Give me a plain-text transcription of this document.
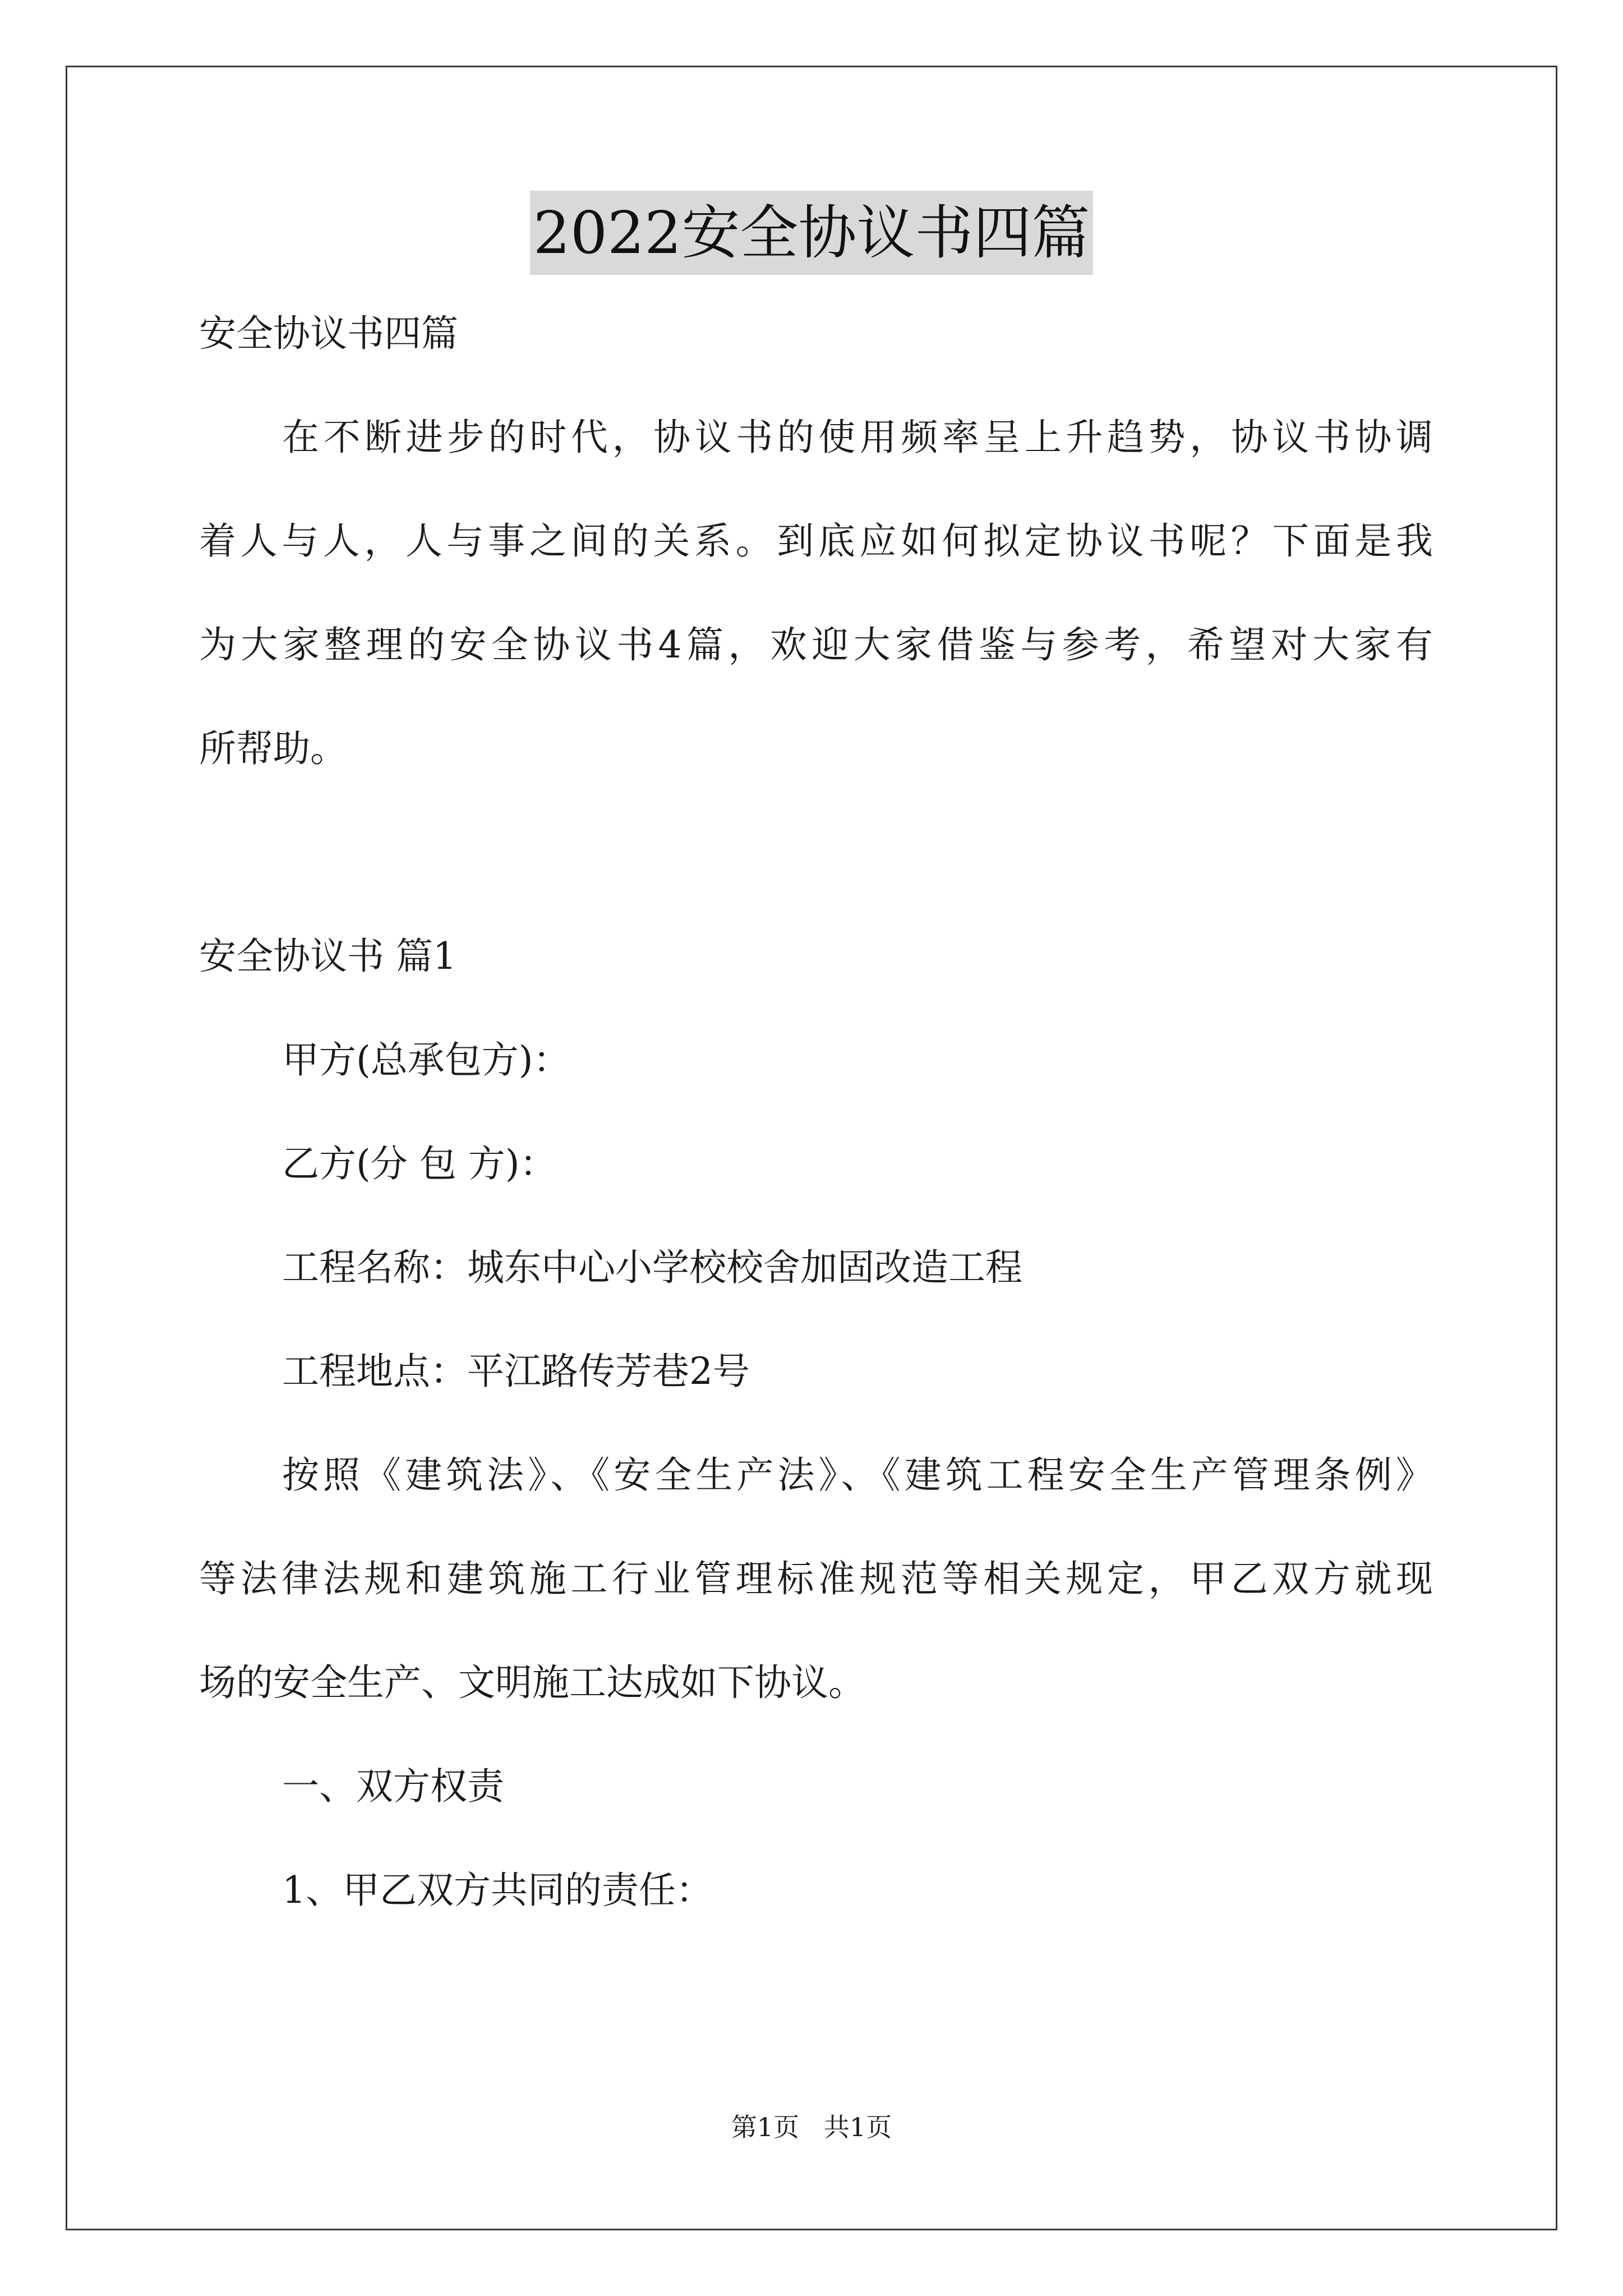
2022安全协议书四篇
安全协议书四篇
在不断进步的时代，协议书的使用频率呈上升趋势，协议书协调
着人与人，人与事之间的关系。到底应如何拟定协议书呢？下面是我
为大家整理的安全协议书4篇，欢迎大家借鉴与参考，希望对大家有
所帮助。
安全协议书 篇1
甲方(总承包方)：
乙方(分 包 方)：
工程名称：城东中心小学校校舍加固改造工程
工程地点：平江路传芳巷2号
按照《建筑法》、《安全生产法》、《建筑工程安全生产管理条例》
等法律法规和建筑施工行业管理标准规范等相关规定，甲乙双方就现
场的安全生产、文明施工达成如下协议。
一、双方权责
1、甲乙双方共同的责任：
第1页   共1页
